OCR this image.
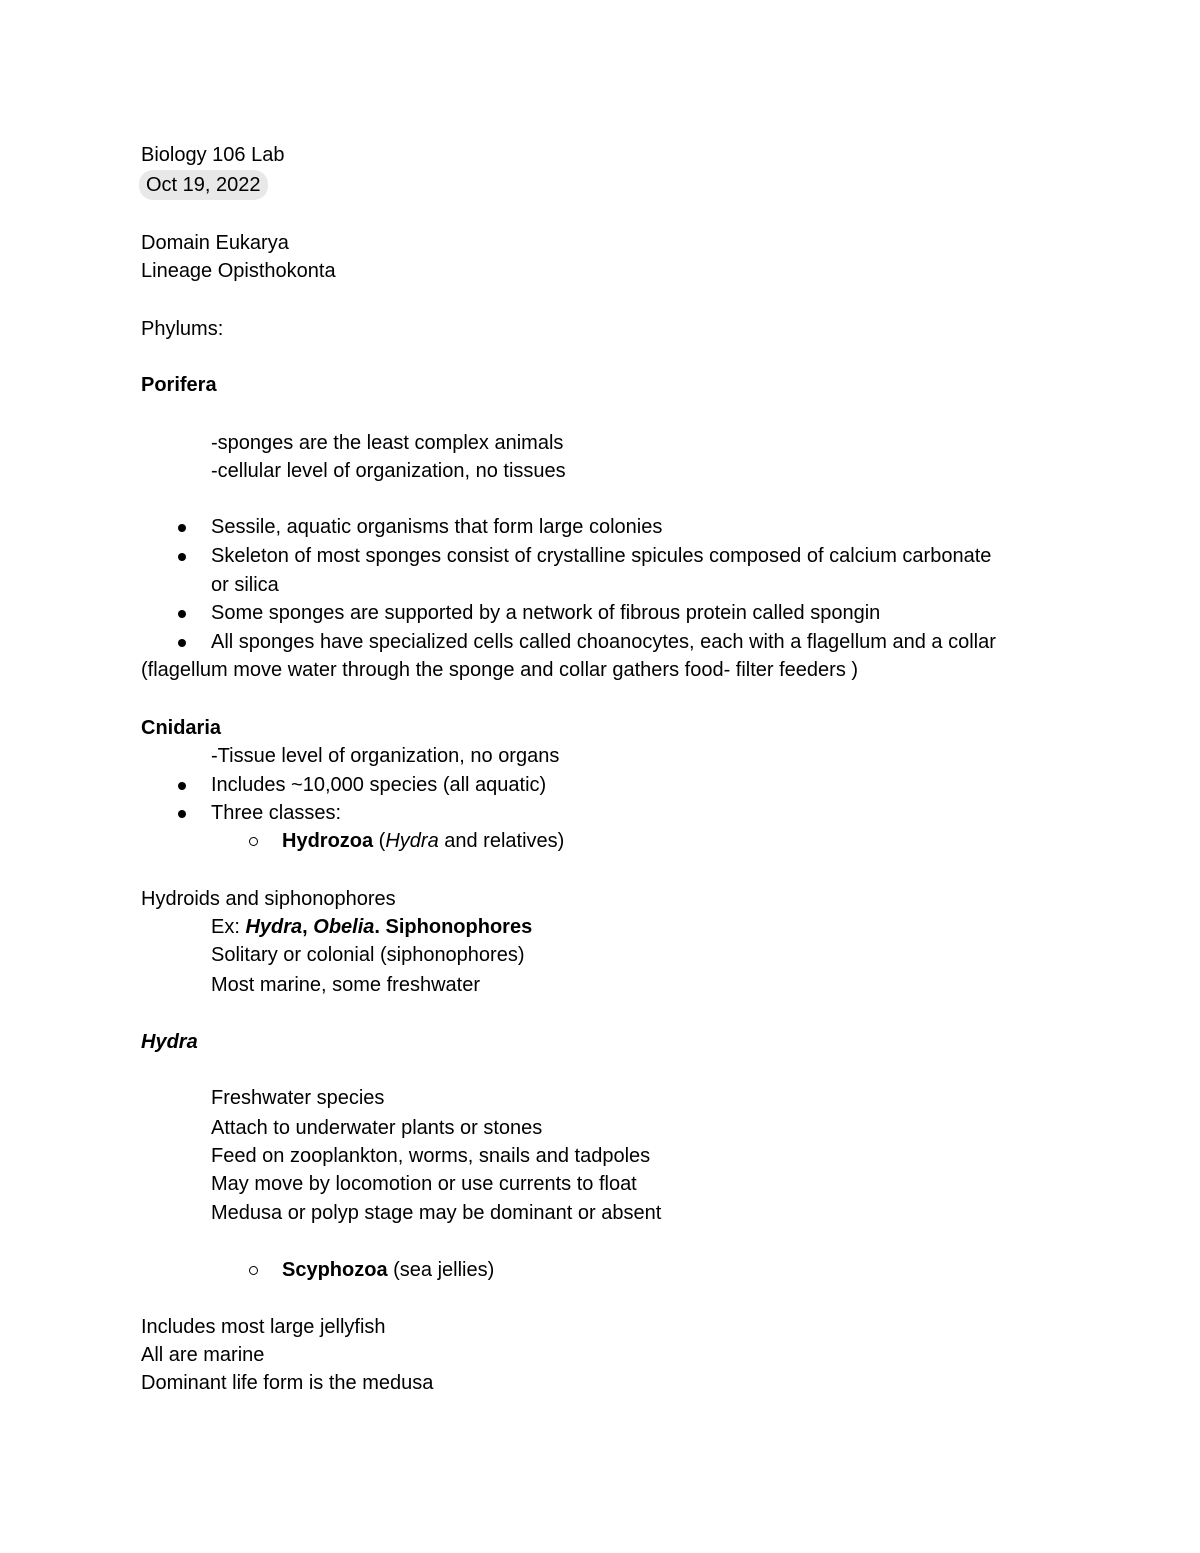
Biology 106 Lab
Oct 19, 2022
Domain Eukarya
Lineage Opisthokonta
Phylums:
Porifera
-sponges are the least complex animals
-cellular level of organization, no tissues
Sessile, aquatic organisms that form large colonies
Skeleton of most sponges consist of crystalline spicules composed of calcium carbonate
or silica
Some sponges are supported by a network of fibrous protein called spongin
All sponges have specialized cells called choanocytes, each with a flagellum and a collar
(flagellum move water through the sponge and collar gathers food- filter feeders )
Cnidaria
-Tissue level of organization, no organs
Includes ~10,000 species (all aquatic)
Three classes:
Hydrozoa (Hydra and relatives)
Hydroids and siphonophores
Ex: Hydra, Obelia. Siphonophores
Solitary or colonial (siphonophores)
Most marine, some freshwater
Hydra
Freshwater species
Attach to underwater plants or stones
Feed on zooplankton, worms, snails and tadpoles
May move by locomotion or use currents to float
Medusa or polyp stage may be dominant or absent
Scyphozoa (sea jellies)
Includes most large jellyfish
All are marine
Dominant life form is the medusa
